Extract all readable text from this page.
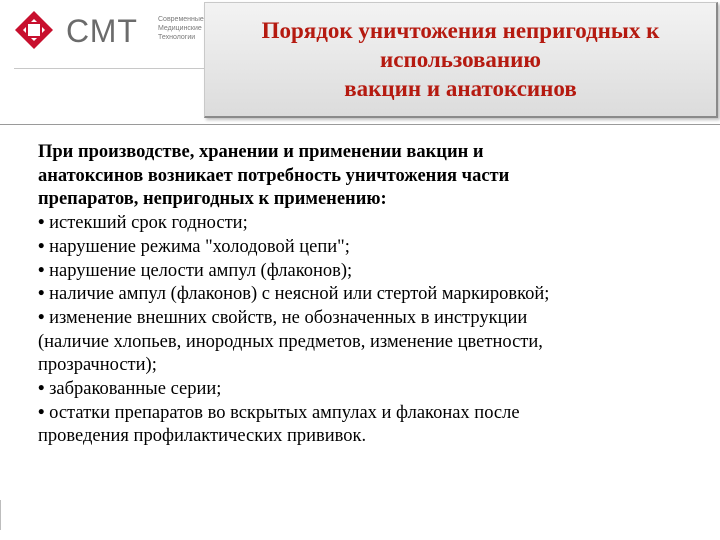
СМТ	Современные
Медицинские
Технологии	Порядок уничтожения непригодных к
использованию
вакцин и анатоксинов

При производстве, хранении и применении вакцин и
анатоксинов возникает потребность уничтожения части
препаратов, непригодных к применению:

• истекший срок годности;
• нарушение режима "холодовой цепи";
• нарушение целости ампул (флаконов);
• наличие ампул (флаконов) с неясной или стертой маркировкой;
• изменение внешних свойств, не обозначенных в инструкции
(наличие хлопьев, инородных предметов, изменение цветности,
прозрачности);
• забракованные серии;
• остатки препаратов во вскрытых ампулах и флаконах после
проведения профилактических прививок.
